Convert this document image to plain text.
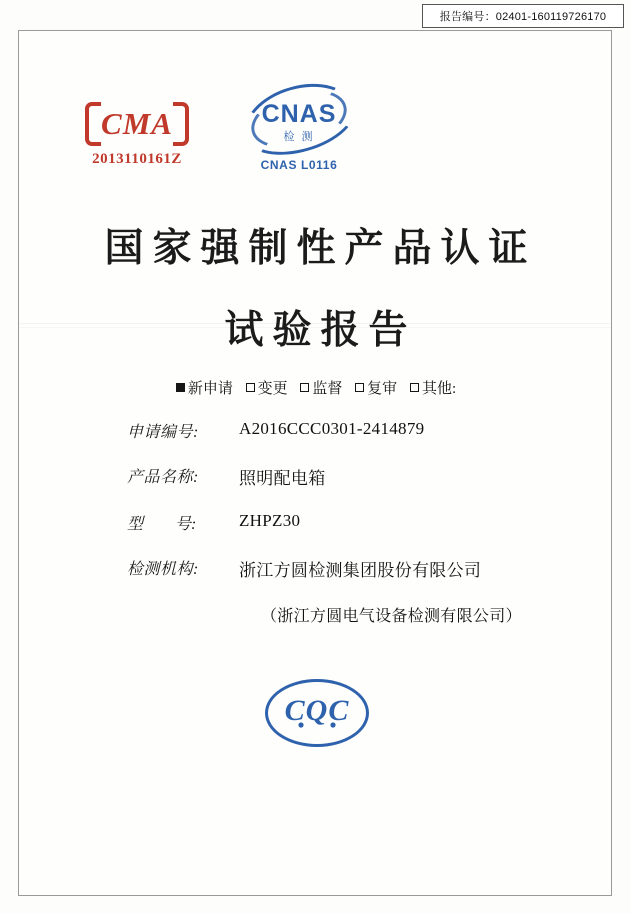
报告编号：02401-160119726170
CMA
2013110161Z
CNAS
检 测
CNAS L0116
国家强制性产品认证
试验报告
新申请 变更 监督 复审 其他:
申请编号:	A2016CCC0301-2414879
产品名称:	照明配电箱
型　　号:	ZHPZ30
检测机构:	浙江方圆检测集团股份有限公司
（浙江方圆电气设备检测有限公司）
CQC
